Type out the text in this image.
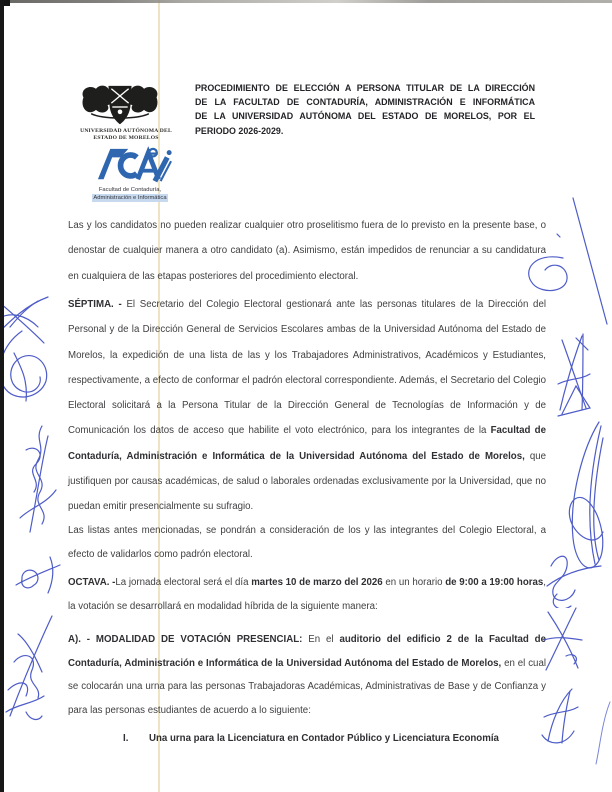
UNIVERSIDAD AUTÓNOMA DEL
ESTADO DE MORELOS
Facultad de Contaduría,
Administración e Informática
PROCEDIMIENTO DE ELECCIÓN A PERSONA TITULAR DE LA DIRECCIÓN
DE LA FACULTAD DE CONTADURÍA, ADMINISTRACIÓN E INFORMÁTICA
DE LA UNIVERSIDAD AUTÓNOMA DEL ESTADO DE MORELOS, POR EL
PERIODO 2026-2029.
Las y los candidatos no pueden realizar cualquier otro proselitismo fuera de lo previsto en la presente base, o denostar de cualquier manera a otro candidato (a). Asimismo, están impedidos de renunciar a su candidatura en cualquiera de las etapas posteriores del procedimiento electoral.
SÉPTIMA. - El Secretario del Colegio Electoral gestionará ante las personas titulares de la Dirección del Personal y de la Dirección General de Servicios Escolares ambas de la Universidad Autónoma del Estado de Morelos, la expedición de una lista de las y los Trabajadores Administrativos, Académicos y Estudiantes, respectivamente, a efecto de conformar el padrón electoral correspondiente. Además, el Secretario del Colegio Electoral solicitará a la Persona Titular de la Dirección General de Tecnologías de Información y de Comunicación los datos de acceso que habilite el voto electrónico, para los integrantes de la Facultad de Contaduría, Administración e Informática de la Universidad Autónoma del Estado de Morelos, que justifiquen por causas académicas, de salud o laborales ordenadas exclusivamente por la Universidad, que no puedan emitir presencialmente su sufragio.
Las listas antes mencionadas, se pondrán a consideración de los y las integrantes del Colegio Electoral, a efecto de validarlos como padrón electoral.
OCTAVA. -La jornada electoral será el día martes 10 de marzo del 2026 en un horario de 9:00 a 19:00 horas, la votación se desarrollará en modalidad híbrida de la siguiente manera:
A). - MODALIDAD DE VOTACIÓN PRESENCIAL: En el auditorio del edificio 2 de la Facultad de Contaduría, Administración e Informática de la Universidad Autónoma del Estado de Morelos, en el cual se colocarán una urna para las personas Trabajadoras Académicas, Administrativas de Base y de Confianza y para las personas estudiantes de acuerdo a lo siguiente:
I.	Una urna para la Licenciatura en Contador Público y Licenciatura Economía
